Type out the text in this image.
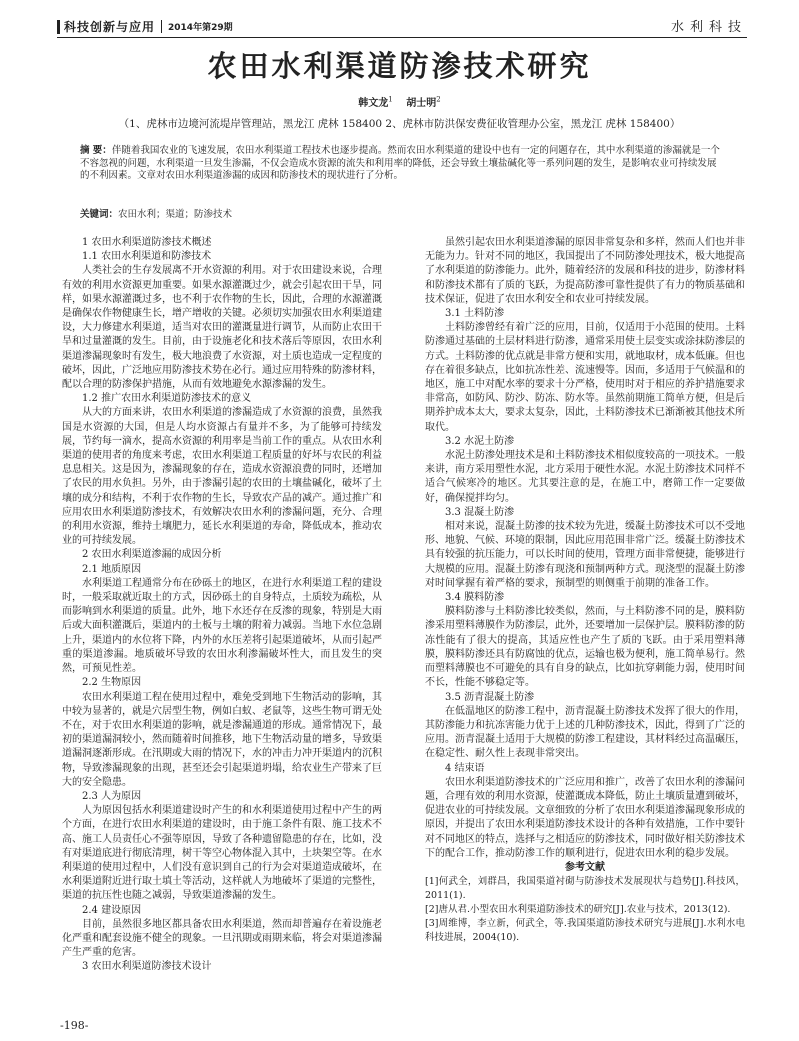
科技创新与应用 2014年第29期	水利科技
农田水利渠道防渗技术研究
韩文龙$^1$ 胡士明$^2$
（1、虎林市边境河流堤岸管理站，黑龙江 虎林 158400 2、虎林市防洪保安费征收管理办公室，黑龙江 虎林 158400）
摘 要：伴随着我国农业的飞速发展，农田水利渠道工程技术也逐步提高。然而农田水利渠道的建设中也有一定的问题存在，其中水利渠道的渗漏就是一个不容忽视的问题，水利渠道一旦发生渗漏，不仅会造成水资源的流失和利用率的降低，还会导致土壤盐碱化等一系列问题的发生，是影响农业可持续发展的不利因素。文章对农田水利渠道渗漏的成因和防渗技术的现状进行了分析。
关键词：农田水利；渠道；防渗技术
1 农田水利渠道防渗技术概述
1.1 农田水利渠道和防渗技术
人类社会的生存发展离不开水资源的利用。对于农田建设来说，合理有效的利用水资源更加重要。如果水源灌溉过少，就会引起农田干旱，同样，如果水源灌溉过多，也不利于农作物的生长，因此，合理的水源灌溉是确保农作物健康生长，增产增收的关键。必须切实加强农田水利渠道建设，大力修建水利渠道，适当对农田的灌溉量进行调节，从而防止农田干旱和过量灌溉的发生。目前，由于设施老化和技术落后等原因，农田水利渠道渗漏现象时有发生，极大地浪费了水资源，对土质也造成一定程度的破坏，因此，广泛地应用防渗技术势在必行。通过应用特殊的防渗材料，配以合理的防渗保护措施，从而有效地避免水源渗漏的发生。
1.2 推广农田水利渠道防渗技术的意义
从大的方面来讲，农田水利渠道的渗漏造成了水资源的浪费，虽然我国是水资源的大国，但是人均水资源占有量并不多，为了能够可持续发展，节约每一滴水，提高水资源的利用率是当前工作的重点。从农田水利渠道的使用者的角度来考虑，农田水利渠道工程质量的好坏与农民的利益息息相关。这是因为，渗漏现象的存在，造成水资源浪费的同时，还增加了农民的用水负担。另外，由于渗漏引起的农田的土壤盐碱化，破坏了土壤的成分和结构，不利于农作物的生长，导致农产品的减产。通过推广和应用农田水利渠道防渗技术，有效解决农田水利的渗漏问题，充分、合理的利用水资源，维持土壤肥力，延长水利渠道的寿命，降低成本，推动农业的可持续发展。
2 农田水利渠道渗漏的成因分析
2.1 地质原因
水利渠道工程通常分布在砂砾土的地区，在进行水利渠道工程的建设时，一般采取就近取土的方式，因砂砾土的自身特点，土质较为疏松，从而影响到水利渠道的质量。此外，地下水还存在反渗的现象，特别是大雨后或大面积灌溉后，渠道内的土板与土壤的附着力减弱。当地下水位急剧上升，渠道内的水位将下降，内外的水压差将引起渠道破坏，从而引起严重的渠道渗漏。地质破坏导致的农田水利渗漏破坏性大，而且发生的突然，可预见性差。
2.2 生物原因
农田水利渠道工程在使用过程中，难免受到地下生物活动的影响，其中较为显著的，就是穴居型生物，例如白蚁、老鼠等，这些生物可谓无处不在，对于农田水利渠道的影响，就是渗漏通道的形成。通常情况下，最初的渠道漏洞较小，然而随着时间推移，地下生物活动量的增多，导致渠道漏洞逐渐形成。在汛期或大雨的情况下，水的冲击力冲开渠道内的沉积物，导致渗漏现象的出现，甚至还会引起渠道坍塌，给农业生产带来了巨大的安全隐患。
2.3 人为原因
人为原因包括水利渠道建设时产生的和水利渠道使用过程中产生的两个方面，在进行农田水利渠道的建设时，由于施工条件有限、施工技术不高、施工人员责任心不强等原因，导致了各种遗留隐患的存在，比如，没有对渠道底进行彻底清理，树干等空心物体混入其中，土块架空等。在水利渠道的使用过程中，人们没有意识到自己的行为会对渠道造成破坏，在水利渠道附近进行取土填土等活动，这样就人为地破坏了渠道的完整性，渠道的抗压性也随之减弱，导致渠道渗漏的发生。
2.4 建设原因
目前，虽然很多地区都具备农田水利渠道，然而却普遍存在着设施老化严重和配套设施不健全的现象。一旦汛期或雨期来临，将会对渠道渗漏产生严重的危害。
3 农田水利渠道防渗技术设计
虽然引起农田水利渠道渗漏的原因非常复杂和多样，然而人们也并非无能为力。针对不同的地区，我国提出了不同防渗处理技术，极大地提高了水利渠道的防渗能力。此外，随着经济的发展和科技的进步，防渗材料和防渗技术都有了质的飞跃，为提高防渗可靠性提供了有力的物质基础和技术保证，促进了农田水利安全和农业可持续发展。
3.1 土料防渗
土料防渗曾经有着广泛的应用，目前，仅适用于小范围的使用。土料防渗通过基础的土层材料进行防渗，通常采用使土层变实或涂抹防渗层的方式。土料防渗的优点就是非常方便和实用，就地取材，成本低廉。但也存在着很多缺点，比如抗冻性差、流速慢等。因而，多适用于气候温和的地区，施工中对配水率的要求十分严格，使用时对于相应的养护措施要求非常高，如防风、防沙、防冻、防水等。虽然前期施工简单方便，但是后期养护成本太大，要求太复杂，因此，土料防渗技术已渐渐被其他技术所取代。
3.2 水泥土防渗
水泥土防渗处理技术是和土料防渗技术相似度较高的一项技术。一般来讲，南方采用塑性水泥，北方采用于硬性水泥。水泥土防渗技术同样不适合气候寒冷的地区。尤其要注意的是，在施工中，磨筛工作一定要做好，确保搅拌均匀。
3.3 混凝土防渗
相对来说，混凝土防渗的技术较为先进，缓凝土防渗技术可以不受地形、地貌、气候、环境的限制，因此应用范围非常广泛。缓凝土防渗技术具有较强的抗压能力，可以长时间的使用，管理方面非常便捷，能够进行大规模的应用。混凝土防渗有现浇和预制两种方式。现浇型的混凝土防渗对时间掌握有着严格的要求，预制型的则侧重于前期的准备工作。
3.4 膜料防渗
膜料防渗与土料防渗比较类似，然而，与土料防渗不同的是，膜料防渗采用塑料薄膜作为防渗层，此外，还要增加一层保护层。膜料防渗的防冻性能有了很大的提高，其适应性也产生了质的飞跃。由于采用塑料薄膜，膜料防渗还具有防腐蚀的优点，运输也极为便利，施工简单易行。然而塑料薄膜也不可避免的具有自身的缺点，比如抗穿刺能力弱，使用时间不长，性能不够稳定等。
3.5 沥青混凝土防渗
在低温地区的防渗工程中，沥青混凝土防渗技术发挥了很大的作用，其防渗能力和抗冻害能力优于上述的几种防渗技术，因此，得到了广泛的应用。沥青混凝土适用于大规模的防渗工程建设，其材料经过高温碾压，在稳定性、耐久性上表现非常突出。
4 结束语
农田水利渠道防渗技术的广泛应用和推广，改善了农田水利的渗漏问题，合理有效的利用水资源，使灌溉成本降低，防止土壤质量遭到破坏，促进农业的可持续发展。文章细致的分析了农田水利渠道渗漏现象形成的原因，并提出了农田水利渠道防渗技术设计的各种有效措施，工作中要针对不同地区的特点，选择与之相适应的防渗技术，同时做好相关防渗技术下的配合工作，推动防渗工作的顺利进行，促进农田水利的稳步发展。
参考文献
[1]何武全，刘群昌，我国渠道衬砌与防渗技术发展现状与趋势[J].科技风，2011(1).
[2]唐从君.小型农田水利渠道防渗技术的研究[J].农业与技术，2013(12).
[3]周维博，李立新，何武全，等.我国渠道防渗技术研究与进展[J].水利水电科技进展，2004(10).
-198-
